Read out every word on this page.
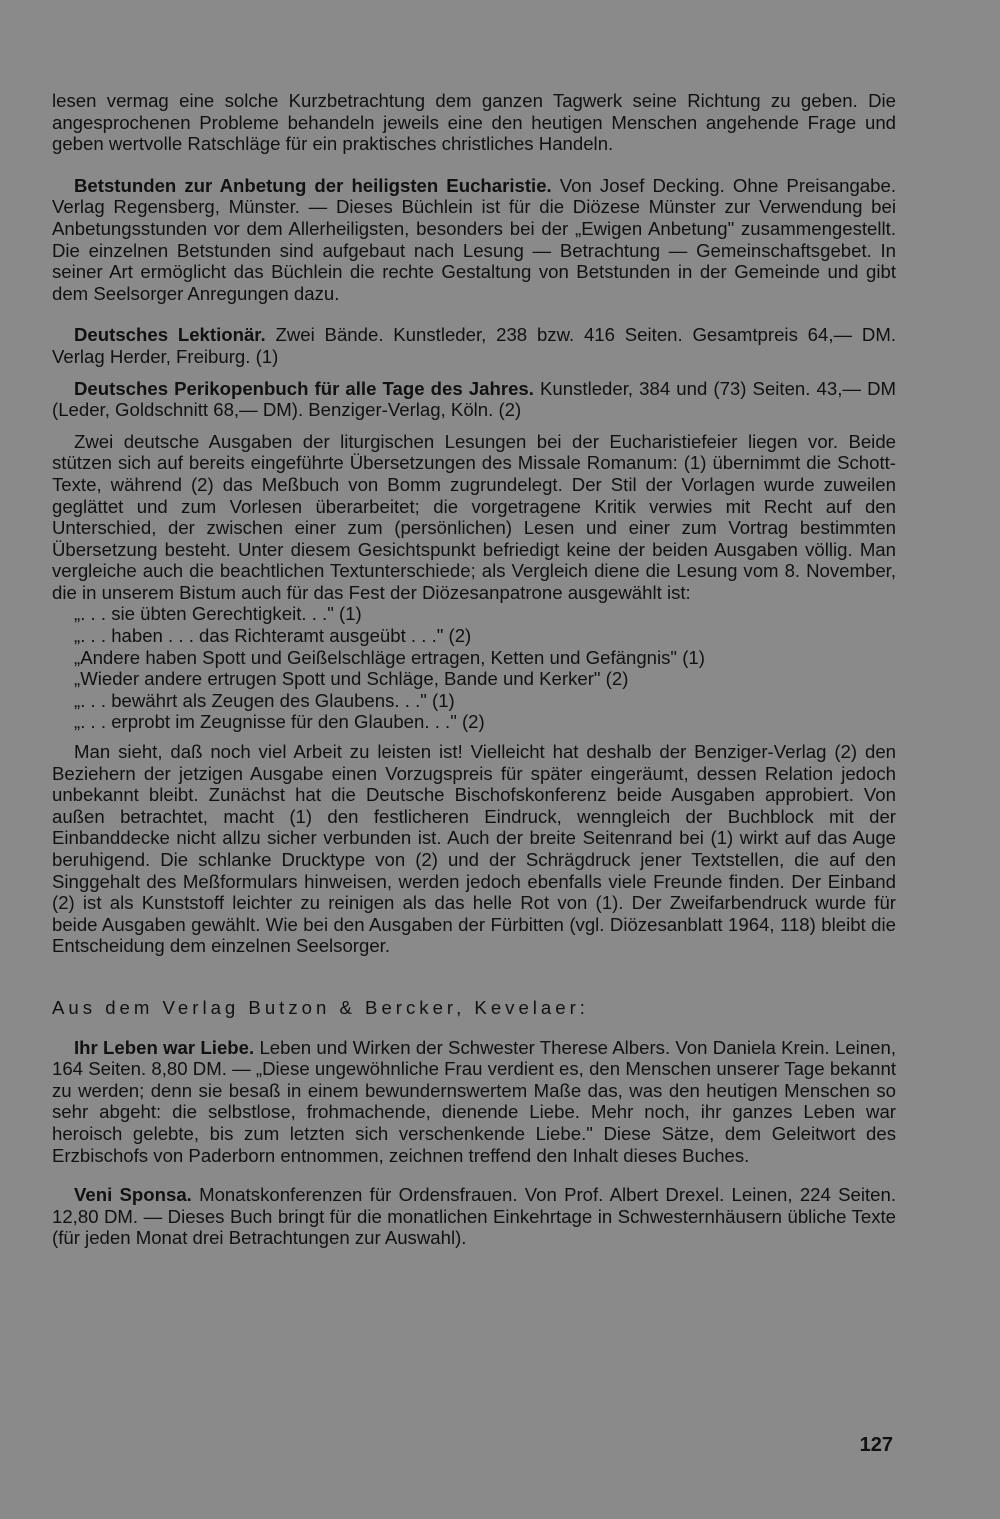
lesen vermag eine solche Kurzbetrachtung dem ganzen Tagwerk seine Richtung zu geben. Die angesprochenen Probleme behandeln jeweils eine den heutigen Menschen angehende Frage und geben wertvolle Ratschläge für ein praktisches christliches Handeln.

Betstunden zur Anbetung der heiligsten Eucharistie. Von Josef Decking. Ohne Preisangabe. Verlag Regensberg, Münster. — Dieses Büchlein ist für die Diözese Münster zur Verwendung bei Anbetungsstunden vor dem Allerheiligsten, besonders bei der „Ewigen Anbetung" zusammengestellt. Die einzelnen Betstunden sind aufgebaut nach Lesung — Betrachtung — Gemeinschaftsgebet. In seiner Art ermöglicht das Büchlein die rechte Gestaltung von Betstunden in der Gemeinde und gibt dem Seelsorger Anregungen dazu.

Deutsches Lektionär. Zwei Bände. Kunstleder, 238 bzw. 416 Seiten. Gesamtpreis 64,— DM. Verlag Herder, Freiburg. (1)

Deutsches Perikopenbuch für alle Tage des Jahres. Kunstleder, 384 und (73) Seiten. 43,— DM (Leder, Goldschnitt 68,— DM). Benziger-Verlag, Köln. (2)

Zwei deutsche Ausgaben der liturgischen Lesungen bei der Eucharistiefeier liegen vor. Beide stützen sich auf bereits eingeführte Übersetzungen des Missale Romanum: (1) übernimmt die Schott-Texte, während (2) das Meßbuch von Bomm zugrundelegt. Der Stil der Vorlagen wurde zuweilen geglättet und zum Vorlesen überarbeitet; die vorgetragene Kritik verwies mit Recht auf den Unterschied, der zwischen einer zum (persönlichen) Lesen und einer zum Vortrag bestimmten Übersetzung besteht. Unter diesem Gesichtspunkt befriedigt keine der beiden Ausgaben völlig. Man vergleiche auch die beachtlichen Textunterschiede; als Vergleich diene die Lesung vom 8. November, die in unserem Bistum auch für das Fest der Diözesanpatrone ausgewählt ist:

„. . . sie übten Gerechtigkeit. . ." (1)
„. . . haben . . . das Richteramt ausgeübt . . ." (2)
„Andere haben Spott und Geißelschläge ertragen, Ketten und Gefängnis" (1)
„Wieder andere ertrugen Spott und Schläge, Bande und Kerker" (2)
„. . . bewährt als Zeugen des Glaubens. . ." (1)
„. . . erprobt im Zeugnisse für den Glauben. . ." (2)

Man sieht, daß noch viel Arbeit zu leisten ist! Vielleicht hat deshalb der Benziger-Verlag (2) den Beziehern der jetzigen Ausgabe einen Vorzugspreis für später eingeräumt, dessen Relation jedoch unbekannt bleibt. Zunächst hat die Deutsche Bischofskonferenz beide Ausgaben approbiert. Von außen betrachtet, macht (1) den festlicheren Eindruck, wenngleich der Buchblock mit der Einbanddecke nicht allzu sicher verbunden ist. Auch der breite Seitenrand bei (1) wirkt auf das Auge beruhigend. Die schlanke Drucktype von (2) und der Schrägdruck jener Textstellen, die auf den Singgehalt des Meßformulars hinweisen, werden jedoch ebenfalls viele Freunde finden. Der Einband (2) ist als Kunststoff leichter zu reinigen als das helle Rot von (1). Der Zweifarbendruck wurde für beide Ausgaben gewählt. Wie bei den Ausgaben der Fürbitten (vgl. Diözesanblatt 1964, 118) bleibt die Entscheidung dem einzelnen Seelsorger.

Aus dem Verlag Butzon & Bercker, Kevelaer:

Ihr Leben war Liebe. Leben und Wirken der Schwester Therese Albers. Von Daniela Krein. Leinen, 164 Seiten. 8,80 DM. — „Diese ungewöhnliche Frau verdient es, den Menschen unserer Tage bekannt zu werden; denn sie besaß in einem bewundernswertem Maße das, was den heutigen Menschen so sehr abgeht: die selbstlose, frohmachende, dienende Liebe. Mehr noch, ihr ganzes Leben war heroisch gelebte, bis zum letzten sich verschenkende Liebe." Diese Sätze, dem Geleitwort des Erzbischofs von Paderborn entnommen, zeichnen treffend den Inhalt dieses Buches.

Veni Sponsa. Monatskonferenzen für Ordensfrauen. Von Prof. Albert Drexel. Leinen, 224 Seiten. 12,80 DM. — Dieses Buch bringt für die monatlichen Einkehrtage in Schwesternhäusern übliche Texte (für jeden Monat drei Betrachtungen zur Auswahl).

127
